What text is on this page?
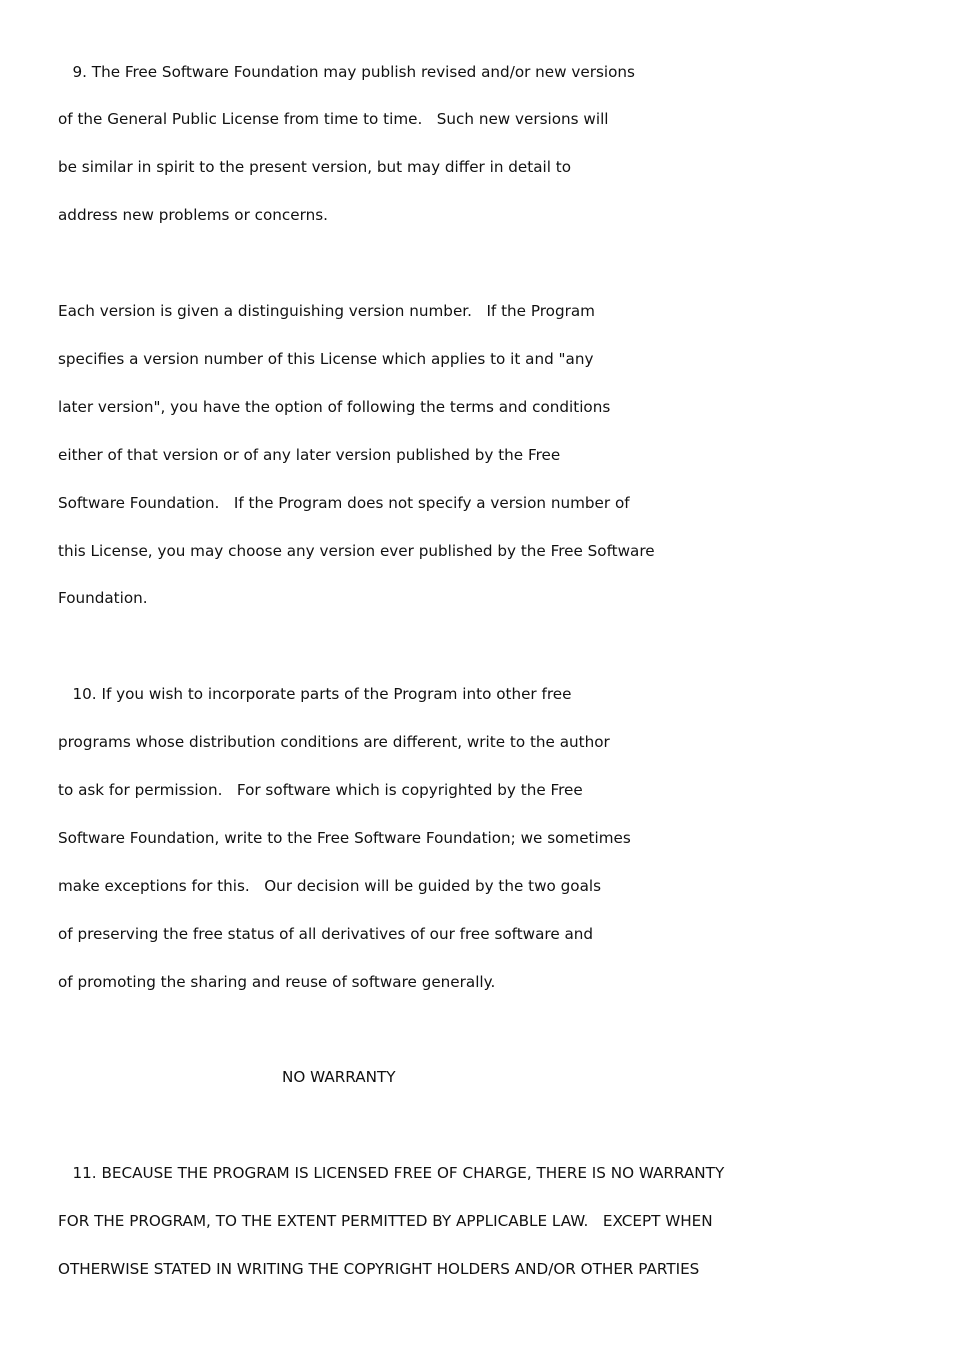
9. The Free Software Foundation may publish revised and/or new versions
of the General Public License from time to time.   Such new versions will
be similar in spirit to the present version, but may differ in detail to
address new problems or concerns.
Each version is given a distinguishing version number.   If the Program
specifies a version number of this License which applies to it and "any
later version", you have the option of following the terms and conditions
either of that version or of any later version published by the Free
Software Foundation.   If the Program does not specify a version number of
this License, you may choose any version ever published by the Free Software
Foundation.
10. If you wish to incorporate parts of the Program into other free
programs whose distribution conditions are different, write to the author
to ask for permission.   For software which is copyrighted by the Free
Software Foundation, write to the Free Software Foundation; we sometimes
make exceptions for this.   Our decision will be guided by the two goals
of preserving the free status of all derivatives of our free software and
of promoting the sharing and reuse of software generally.
NO WARRANTY
11. BECAUSE THE PROGRAM IS LICENSED FREE OF CHARGE, THERE IS NO WARRANTY
FOR THE PROGRAM, TO THE EXTENT PERMITTED BY APPLICABLE LAW.   EXCEPT WHEN
OTHERWISE STATED IN WRITING THE COPYRIGHT HOLDERS AND/OR OTHER PARTIES
